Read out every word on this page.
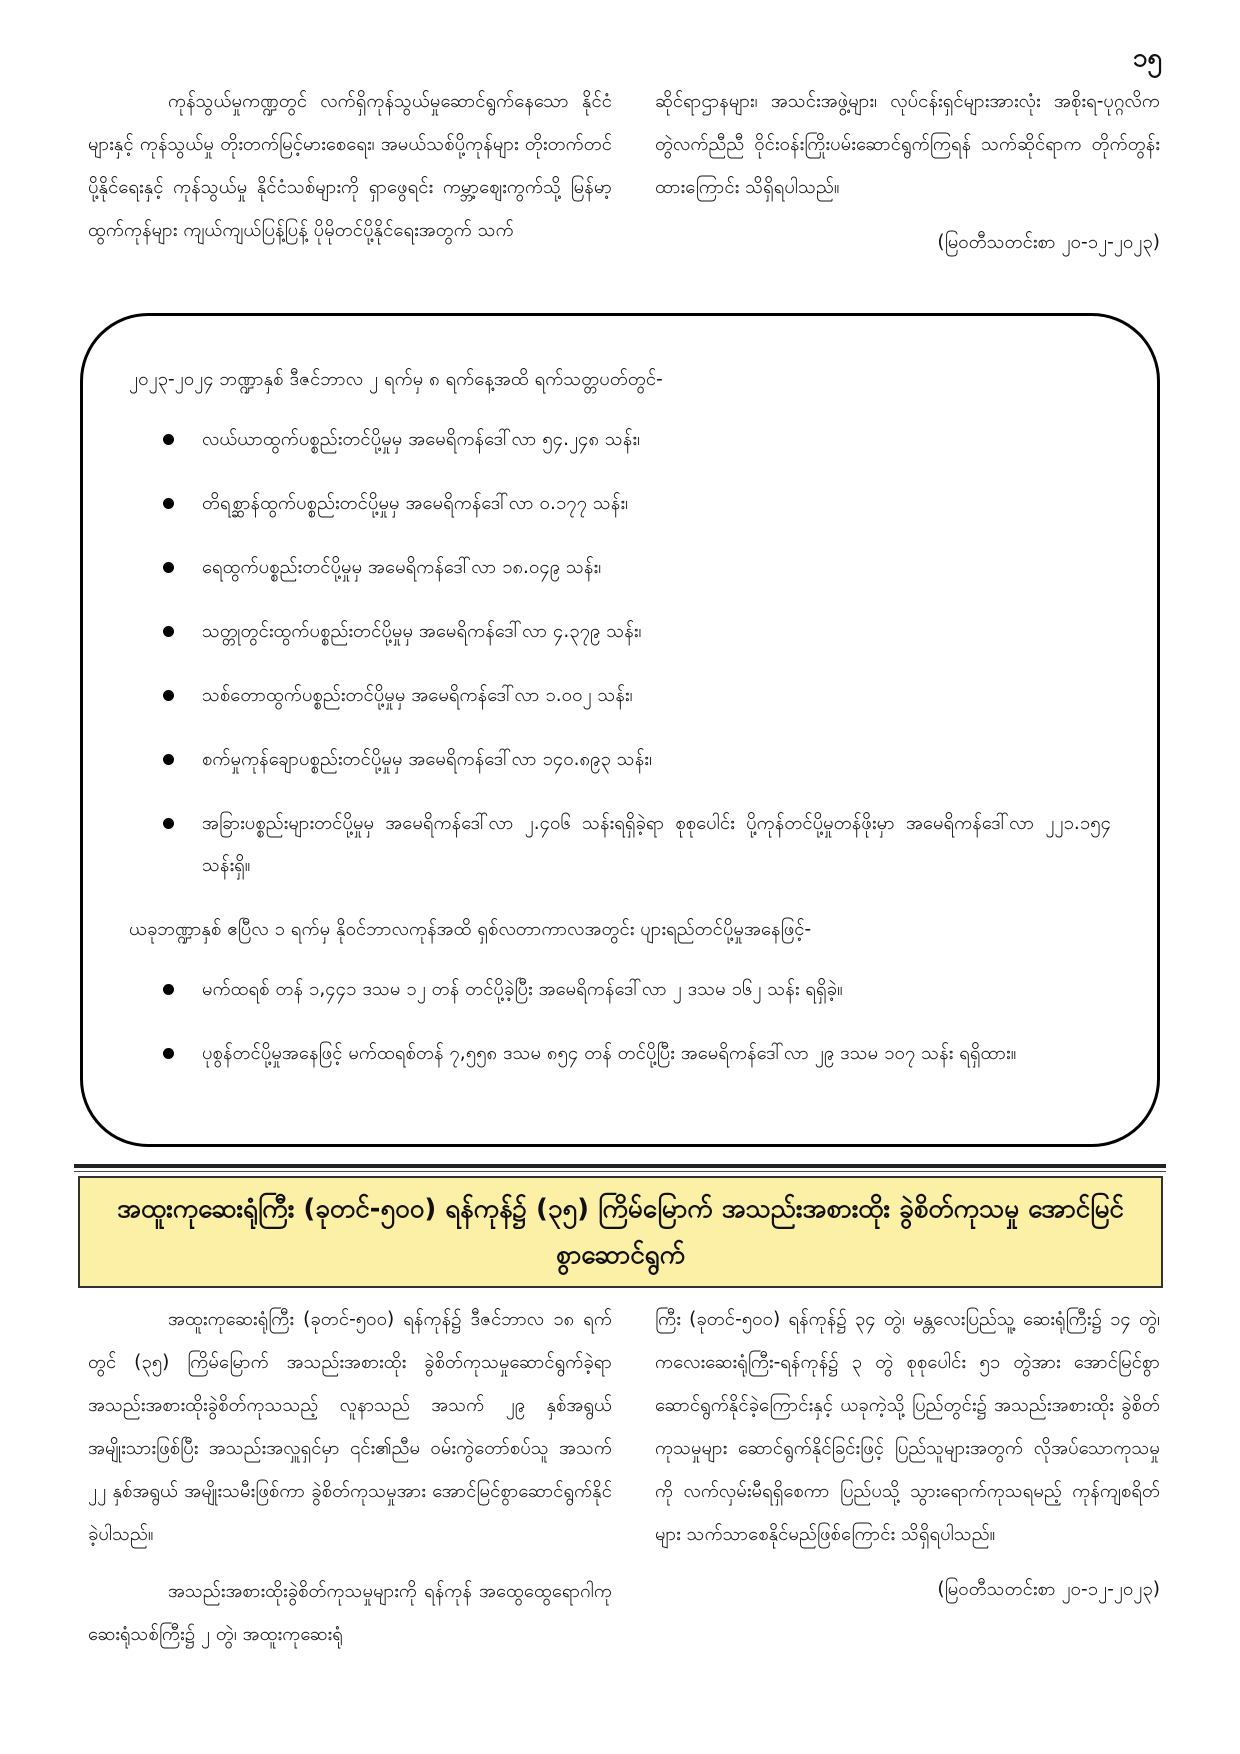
၁၅

ကုန်သွယ်မှုကဏ္ဍတွင် လက်ရှိကုန်သွယ်မှုဆောင်ရွက်နေသော နိုင်ငံများနှင့် ကုန်သွယ်မှု တိုးတက်မြင့်မားစေရေး၊ အမယ်သစ်ပို့ကုန်များ တိုးတက်တင်ပို့နိုင်ရေးနှင့် ကုန်သွယ်မှု နိုင်ငံသစ်များကို ရှာဖွေရင်း ကမ္ဘာ့ဈေးကွက်သို့ မြန်မာ့ထွက်ကုန်များ ကျယ်ကျယ်ပြန့်ပြန့် ပိုမိုတင်ပို့နိုင်ရေးအတွက် သက်

ဆိုင်ရာဌာနများ၊ အသင်းအဖွဲ့များ၊ လုပ်ငန်းရှင်များအားလုံး အစိုးရ-ပုဂ္ဂလိက တွဲလက်ညီညီ ဝိုင်းဝန်းကြိုးပမ်းဆောင်ရွက်ကြရန် သက်ဆိုင်ရာက တိုက်တွန်းထားကြောင်း သိရှိရပါသည်။

(မြဝတီသတင်းစာ ၂၀-၁၂-၂၀၂၃)

၂၀၂၃-၂၀၂၄ ဘဏ္ဍာနှစ် ဒီဇင်ဘာလ ၂ ရက်မှ ၈ ရက်နေ့အထိ ရက်သတ္တပတ်တွင်-

လယ်ယာထွက်ပစ္စည်းတင်ပို့မှုမှ အမေရိကန်ဒေါ်လာ ၅၄.၂၄၈ သန်း၊
တိရစ္ဆာန်ထွက်ပစ္စည်းတင်ပို့မှုမှ အမေရိကန်ဒေါ်လာ ၀.၁၇၇ သန်း၊
ရေထွက်ပစ္စည်းတင်ပို့မှုမှ အမေရိကန်ဒေါ်လာ ၁၈.၀၄၉ သန်း၊
သတ္တုတွင်းထွက်ပစ္စည်းတင်ပို့မှုမှ အမေရိကန်ဒေါ်လာ ၄.၃၇၉ သန်း၊
သစ်တောထွက်ပစ္စည်းတင်ပို့မှုမှ အမေရိကန်ဒေါ်လာ ၁.၀၀၂ သန်း၊
စက်မှုကုန်ချောပစ္စည်းတင်ပို့မှုမှ အမေရိကန်ဒေါ်လာ ၁၄၀.၈၉၃ သန်း၊
အခြားပစ္စည်းများတင်ပို့မှုမှ အမေရိကန်ဒေါ်လာ ၂.၄၀၆ သန်းရရှိခဲ့ရာ စုစုပေါင်း ပို့ကုန်တင်ပို့မှုတန်ဖိုးမှာ အမေရိကန်ဒေါ်လာ ၂၂၁.၁၅၄ သန်းရှိ။

ယခုဘဏ္ဍာနှစ် ဧပြီလ ၁ ရက်မှ နိုဝင်ဘာလကုန်အထိ ရှစ်လတာကာလအတွင်း ပျားရည်တင်ပို့မှုအနေဖြင့်-

မက်ထရစ် တန် ၁,၄၄၁ ဒသမ ၁၂ တန် တင်ပို့ခဲ့ပြီး အမေရိကန်ဒေါ်လာ ၂ ဒသမ ၁၆၂ သန်း ရရှိခဲ့။
ပုစွန်တင်ပို့မှုအနေဖြင့် မက်ထရစ်တန် ၇,၅၅၈ ဒသမ ၈၅၄ တန် တင်ပို့ပြီး အမေရိကန်ဒေါ်လာ ၂၉ ဒသမ ၁၀၇ သန်း ရရှိထား။
အထူးကုဆေးရုံကြီး (ခုတင်-၅၀၀) ရန်ကုန်၌ (၃၅) ကြိမ်မြောက် အသည်းအစားထိုး ခွဲစိတ်ကုသမှု အောင်မြင်စွာဆောင်ရွက်

အထူးကုဆေးရုံကြီး (ခုတင်-၅၀၀) ရန်ကုန်၌ ဒီဇင်ဘာလ ၁၈ ရက်တွင် (၃၅) ကြိမ်မြောက် အသည်းအစားထိုး ခွဲစိတ်ကုသမှုဆောင်ရွက်ခဲ့ရာ အသည်းအစားထိုးခွဲစိတ်ကုသသည့် လူနာသည် အသက် ၂၉ နှစ်အရွယ် အမျိုးသားဖြစ်ပြီး အသည်းအလှူရှင်မှာ ၎င်း၏ညီမ ဝမ်းကွဲတော်စပ်သူ အသက် ၂၂ နှစ်အရွယ် အမျိုးသမီးဖြစ်ကာ ခွဲစိတ်ကုသမှုအား အောင်မြင်စွာဆောင်ရွက်နိုင်ခဲ့ပါသည်။

အသည်းအစားထိုးခွဲစိတ်ကုသမှုများကို ရန်ကုန် အထွေထွေရောဂါကု ဆေးရုံသစ်ကြီး၌ ၂ တွဲ၊ အထူးကုဆေးရုံ

ကြီး (ခုတင်-၅၀၀) ရန်ကုန်၌ ၃၄ တွဲ၊ မန္တလေးပြည်သူ့ ဆေးရုံကြီး၌ ၁၄ တွဲ၊ ကလေးဆေးရုံကြီး-ရန်ကုန်၌ ၃ တွဲ စုစုပေါင်း ၅၁ တွဲအား အောင်မြင်စွာဆောင်ရွက်နိုင်ခဲ့ကြောင်းနှင့် ယခုကဲ့သို့ ပြည်တွင်း၌ အသည်းအစားထိုး ခွဲစိတ်ကုသမှုများ ဆောင်ရွက်နိုင်ခြင်းဖြင့် ပြည်သူများအတွက် လိုအပ်သောကုသမှုကို လက်လှမ်းမီရရှိစေကာ ပြည်ပသို့ သွားရောက်ကုသရမည့် ကုန်ကျစရိတ်များ သက်သာစေနိုင်မည်ဖြစ်ကြောင်း သိရှိရပါသည်။

(မြဝတီသတင်းစာ ၂၀-၁၂-၂၀၂၃)
